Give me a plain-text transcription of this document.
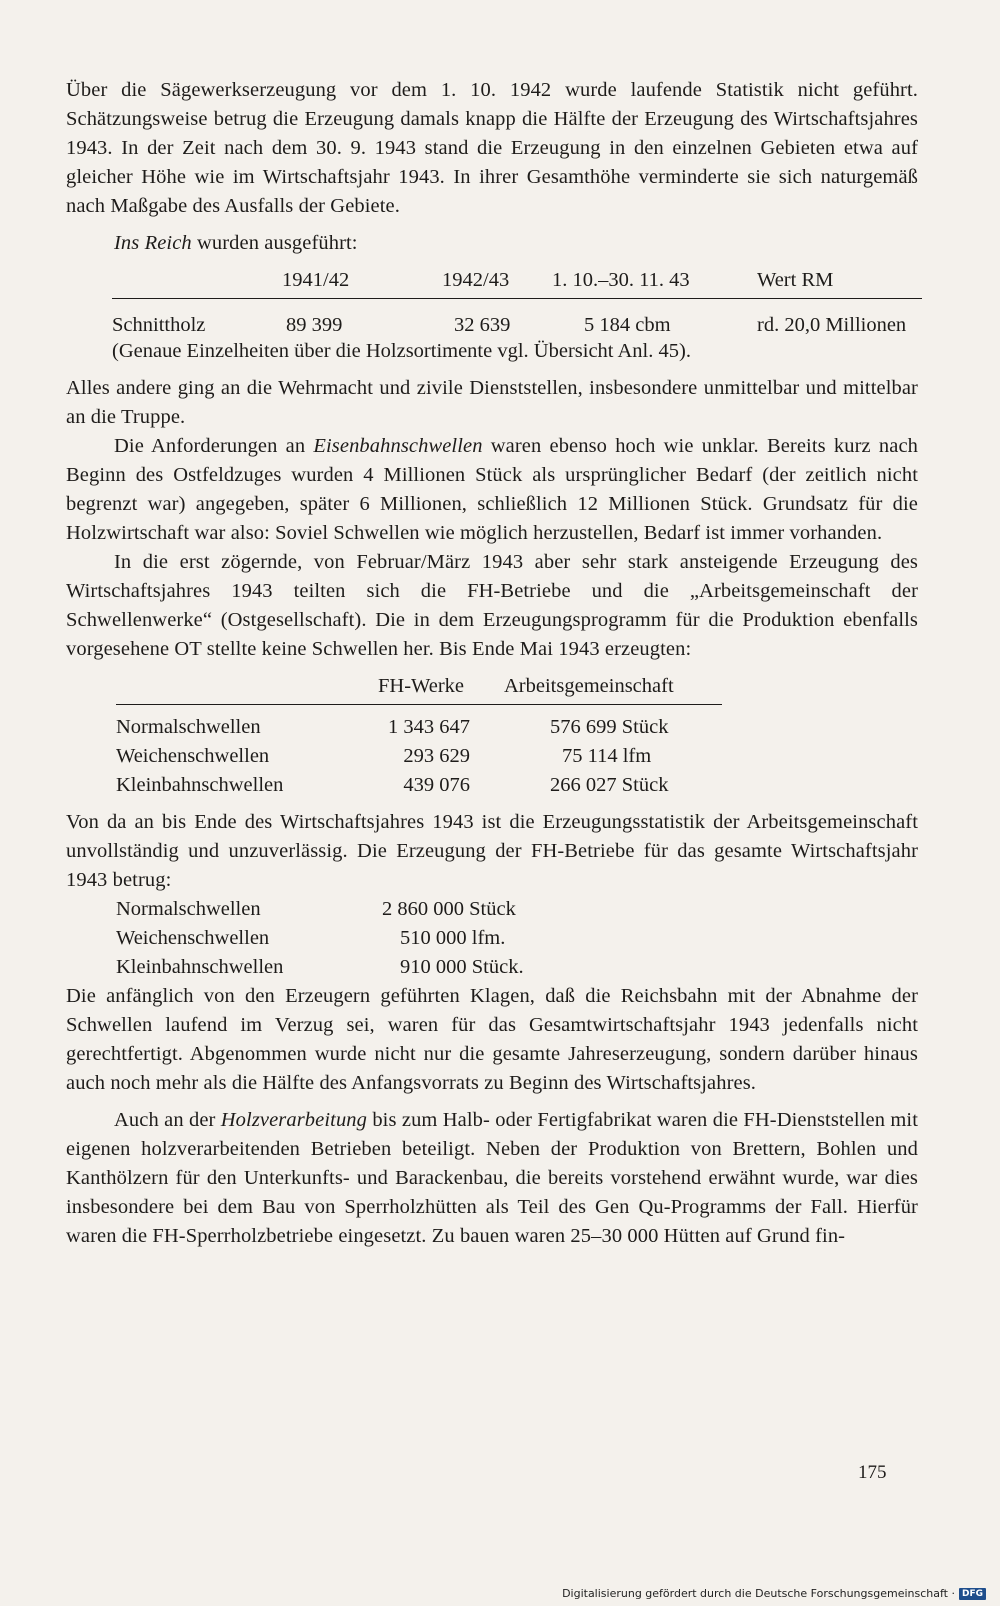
Über die Sägewerkserzeugung vor dem 1. 10. 1942 wurde laufende Statistik nicht geführt. Schätzungsweise betrug die Erzeugung damals knapp die Hälfte der Erzeugung des Wirtschaftsjahres 1943. In der Zeit nach dem 30. 9. 1943 stand die Erzeugung in den einzelnen Gebieten etwa auf gleicher Höhe wie im Wirtschaftsjahr 1943. In ihrer Gesamthöhe verminderte sie sich naturgemäß nach Maßgabe des Ausfalls der Gebiete.

Ins Reich wurden ausgeführt:

	1941/42	1942/43	1. 10.–30. 11. 43	Wert RM
Schnittholz	89 399	32 639	5 184 cbm	rd. 20,0 Millionen
(Genaue Einzelheiten über die Holzsortimente vgl. Übersicht Anl. 45).

Alles andere ging an die Wehrmacht und zivile Dienststellen, insbesondere unmittelbar und mittelbar an die Truppe.

Die Anforderungen an Eisenbahnschwellen waren ebenso hoch wie unklar. Bereits kurz nach Beginn des Ostfeldzuges wurden 4 Millionen Stück als ursprünglicher Bedarf (der zeitlich nicht begrenzt war) angegeben, später 6 Millionen, schließlich 12 Millionen Stück. Grundsatz für die Holzwirtschaft war also: Soviel Schwellen wie möglich herzustellen, Bedarf ist immer vorhanden.

In die erst zögernde, von Februar/März 1943 aber sehr stark ansteigende Erzeugung des Wirtschaftsjahres 1943 teilten sich die FH-Betriebe und die „Arbeitsgemeinschaft der Schwellenwerke“ (Ostgesellschaft). Die in dem Erzeugungsprogramm für die Produktion ebenfalls vorgesehene OT stellte keine Schwellen her. Bis Ende Mai 1943 erzeugten:

	FH-Werke	Arbeitsgemeinschaft
Normalschwellen	1 343 647	576 699 Stück
Weichenschwellen	293 629	75 114 lfm
Kleinbahnschwellen	439 076	266 027 Stück

Von da an bis Ende des Wirtschaftsjahres 1943 ist die Erzeugungsstatistik der Arbeitsgemeinschaft unvollständig und unzuverlässig. Die Erzeugung der FH-Betriebe für das gesamte Wirtschaftsjahr 1943 betrug:

Normalschwellen	2 860 000 Stück
Weichenschwellen	510 000 lfm.
Kleinbahnschwellen	910 000 Stück.

Die anfänglich von den Erzeugern geführten Klagen, daß die Reichsbahn mit der Abnahme der Schwellen laufend im Verzug sei, waren für das Gesamtwirtschaftsjahr 1943 jedenfalls nicht gerechtfertigt. Abgenommen wurde nicht nur die gesamte Jahreserzeugung, sondern darüber hinaus auch noch mehr als die Hälfte des Anfangsvorrats zu Beginn des Wirtschaftsjahres.

Auch an der Holzverarbeitung bis zum Halb- oder Fertigfabrikat waren die FH-Dienststellen mit eigenen holzverarbeitenden Betrieben beteiligt. Neben der Produktion von Brettern, Bohlen und Kanthölzern für den Unterkunfts- und Barackenbau, die bereits vorstehend erwähnt wurde, war dies insbesondere bei dem Bau von Sperrholzhütten als Teil des Gen Qu-Programms der Fall. Hierfür waren die FH-Sperrholzbetriebe eingesetzt. Zu bauen waren 25–30 000 Hütten auf Grund fin-

175
Digitalisierung gefördert durch die Deutsche Forschungsgemeinschaft · DFG
